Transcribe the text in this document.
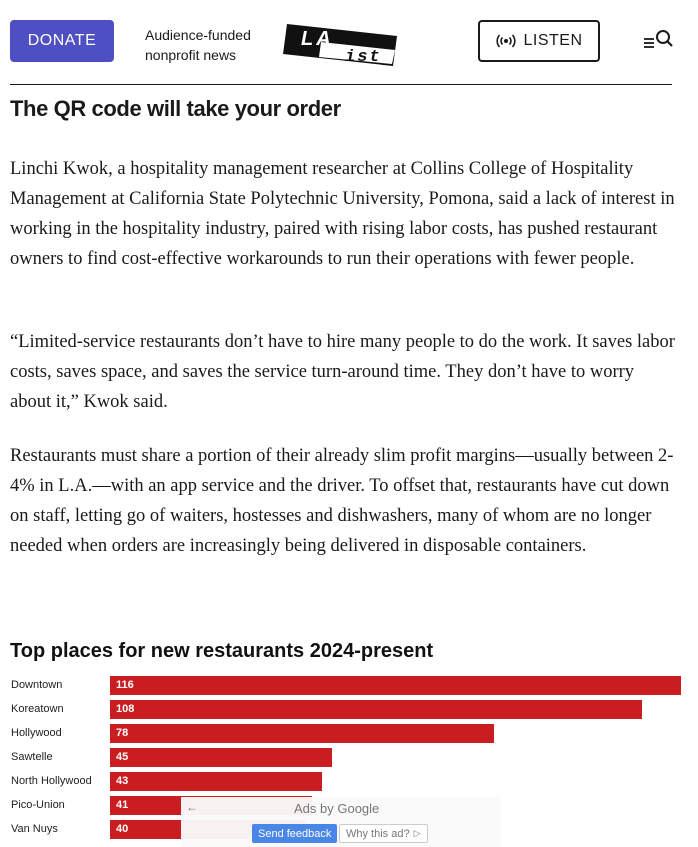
DONATE	Audience-funded
nonprofit news
LA
ist
LISTEN
The QR code will take your order

Linchi Kwok, a hospitality management researcher at Collins College of Hospitality Management at California State Polytechnic University, Pomona, said a lack of interest in working in the hospitality industry, paired with rising labor costs, has pushed restaurant owners to find cost-effective workarounds to run their operations with fewer people.

“Limited-service restaurants don’t have to hire many people to do the work. It saves labor costs, saves space, and saves the service turn-around time. They don’t have to worry about it,” Kwok said.

Restaurants must share a portion of their already slim profit margins—usually between 2-4% in L.A.—with an app service and the driver. To offset that, restaurants have cut down on staff, letting go of waiters, hostesses and dishwashers, many of whom are no longer needed when orders are increasingly being delivered in disposable containers.

Top places for new restaurants 2024-present
Downtown	116
Koreatown	108
Hollywood	78
Sawtelle	45
North Hollywood 43
Pico-Union	41
Van Nuys	40
←	Ads by Google
Send feedback Why this ad? ▷
